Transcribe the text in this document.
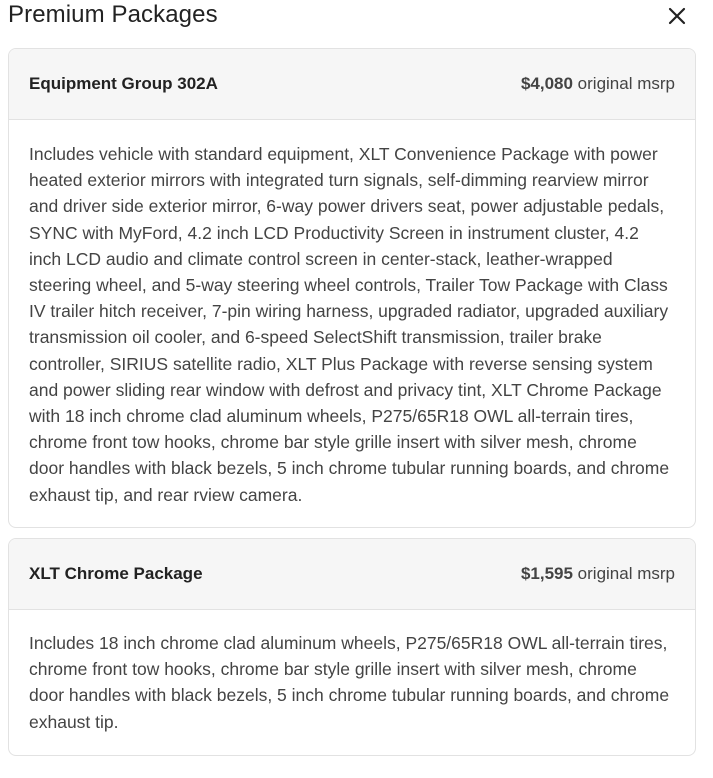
Premium Packages
Equipment Group 302A	$4,080 original msrp

Includes vehicle with standard equipment, XLT Convenience Package with power heated exterior mirrors with integrated turn signals, self-dimming rearview mirror and driver side exterior mirror, 6-way power drivers seat, power adjustable pedals, SYNC with MyFord, 4.2 inch LCD Productivity Screen in instrument cluster, 4.2 inch LCD audio and climate control screen in center-stack, leather-wrapped steering wheel, and 5-way steering wheel controls, Trailer Tow Package with Class IV trailer hitch receiver, 7-pin wiring harness, upgraded radiator, upgraded auxiliary transmission oil cooler, and 6-speed SelectShift transmission, trailer brake controller, SIRIUS satellite radio, XLT Plus Package with reverse sensing system and power sliding rear window with defrost and privacy tint, XLT Chrome Package with 18 inch chrome clad aluminum wheels, P275/65R18 OWL all-terrain tires, chrome front tow hooks, chrome bar style grille insert with silver mesh, chrome door handles with black bezels, 5 inch chrome tubular running boards, and chrome exhaust tip, and rear rview camera.

XLT Chrome Package	$1,595 original msrp

Includes 18 inch chrome clad aluminum wheels, P275/65R18 OWL all-terrain tires, chrome front tow hooks, chrome bar style grille insert with silver mesh, chrome door handles with black bezels, 5 inch chrome tubular running boards, and chrome exhaust tip.
